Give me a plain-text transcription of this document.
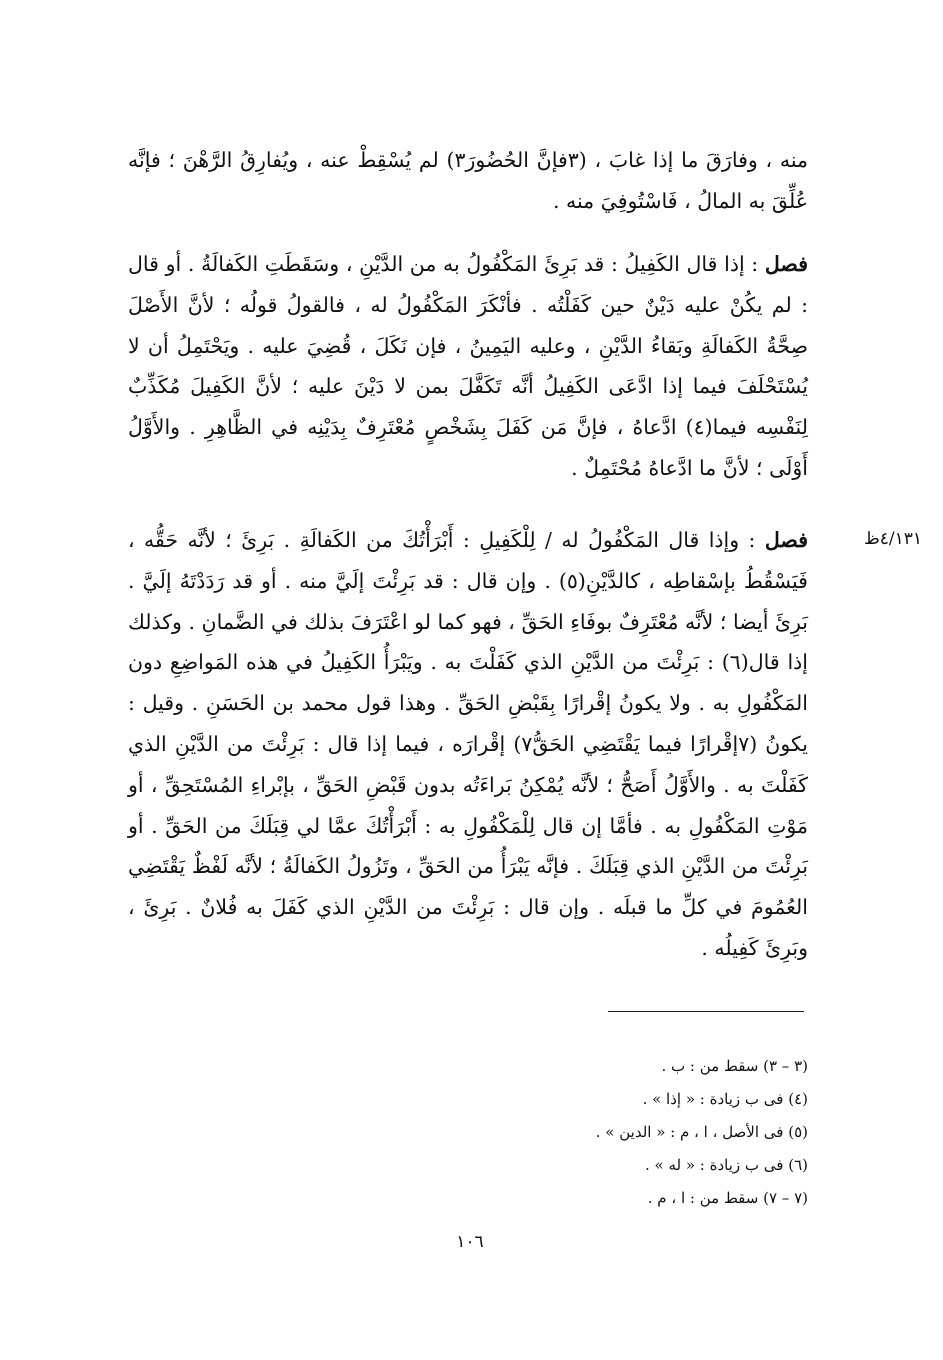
منه ، وفارَقَ ما إذا غابَ ، (٣فإنَّ الحُضُورَ٣) لم يُسْقِطْ عنه ، ويُفارِقُ الرَّهْنَ ؛ فإنَّه عُلِّقَ به المالُ ، فَاسْتُوفِيَ منه .

فصل : إذا قال الكَفِيلُ : قد بَرِئَ المَكْفُولُ به من الدَّيْنِ ، وسَقَطَتِ الكَفالَةُ . أو قال : لم يكُنْ عليه دَيْنٌ حين كَفَلْتُه . فأنْكَرَ المَكْفُولُ له ، فالقولُ قولُه ؛ لأنَّ الأَصْلَ صِحَّةُ الكَفالَةِ وبَقاءُ الدَّيْنِ ، وعليه اليَمِينُ ، فإن نَكَلَ ، قُضِيَ عليه . ويَحْتَمِلُ أن لا يُسْتَحْلَفَ فيما إذا ادَّعَى الكَفِيلُ أنَّه تَكَفَّلَ بمن لا دَيْنَ عليه ؛ لأنَّ الكَفِيلَ مُكَذِّبٌ لِنَفْسِه فيما(٤) ادَّعاهُ ، فإنَّ مَن كَفَلَ بِشَخْصٍ مُعْتَرِفٌ بِدَيْنِه في الظَّاهِرِ . والأَوَّلُ أَوْلَى ؛ لأنَّ ما ادَّعاهُ مُحْتَمِلٌ .

٤/١٣١ظ

فصل : وإذا قال المَكْفُولُ له / لِلْكَفِيلِ : أَبْرَأْتُكَ من الكَفالَةِ . بَرِئَ ؛ لأنَّه حَقُّه ، فَيَسْقُطُ بإسْقاطِه ، كالدَّيْنِ(٥) . وإن قال : قد بَرِئْتَ إلَيَّ منه . أو قد رَدَدْتَهُ إلَيَّ . بَرِئَ أيضا ؛ لأنَّه مُعْتَرِفٌ بوفَاءِ الحَقِّ ، فهو كما لو اعْتَرَفَ بذلك في الضَّمانِ . وكذلك إذا قال(٦) : بَرِئْتَ من الدَّيْنِ الذي كَفَلْتَ به . ويَبْرَأُ الكَفِيلُ في هذه المَواضِعِ دون المَكْفُولِ به . ولا يكونُ إقْرارًا بِقَبْضِ الحَقِّ . وهذا قول محمد بن الحَسَنِ . وقيل : يكونُ (٧إقْرارًا فيما يَقْتَضِي الحَقُّ٧) إقْرارَه ، فيما إذا قال : بَرِئْتَ من الدَّيْنِ الذي كَفَلْتَ به . والأَوَّلُ أَصَحُّ ؛ لأنَّه يُمْكِنُ بَراءَتُه بدون قَبْضِ الحَقِّ ، بإبْراءِ المُسْتَحِقِّ ، أو مَوْتِ المَكْفُولِ به . فأمَّا إن قال لِلْمَكْفُولِ به : أَبْرَأْتُكَ عمَّا لي قِبَلَكَ من الحَقِّ . أو بَرِئْتَ من الدَّيْنِ الذي قِبَلَكَ . فإنَّه يَبْرَأُ من الحَقِّ ، وتَزُولُ الكَفالَةُ ؛ لأنَّه لَفْظٌ يَقْتَضِي العُمُومَ في كلِّ ما قبلَه . وإن قال : بَرِئْتَ من الدَّيْنِ الذي كَفَلَ به فُلانٌ . بَرِئَ ، وبَرِئَ كَفِيلُه .

(٣ – ٣) سقط من : ب .

(٤) فى ب زيادة : « إذا » .

(٥) فى الأصل ، ا ، م : « الدين » .

(٦) فى ب زيادة : « له » .

(٧ – ٧) سقط من : ا ، م .

١٠٦
